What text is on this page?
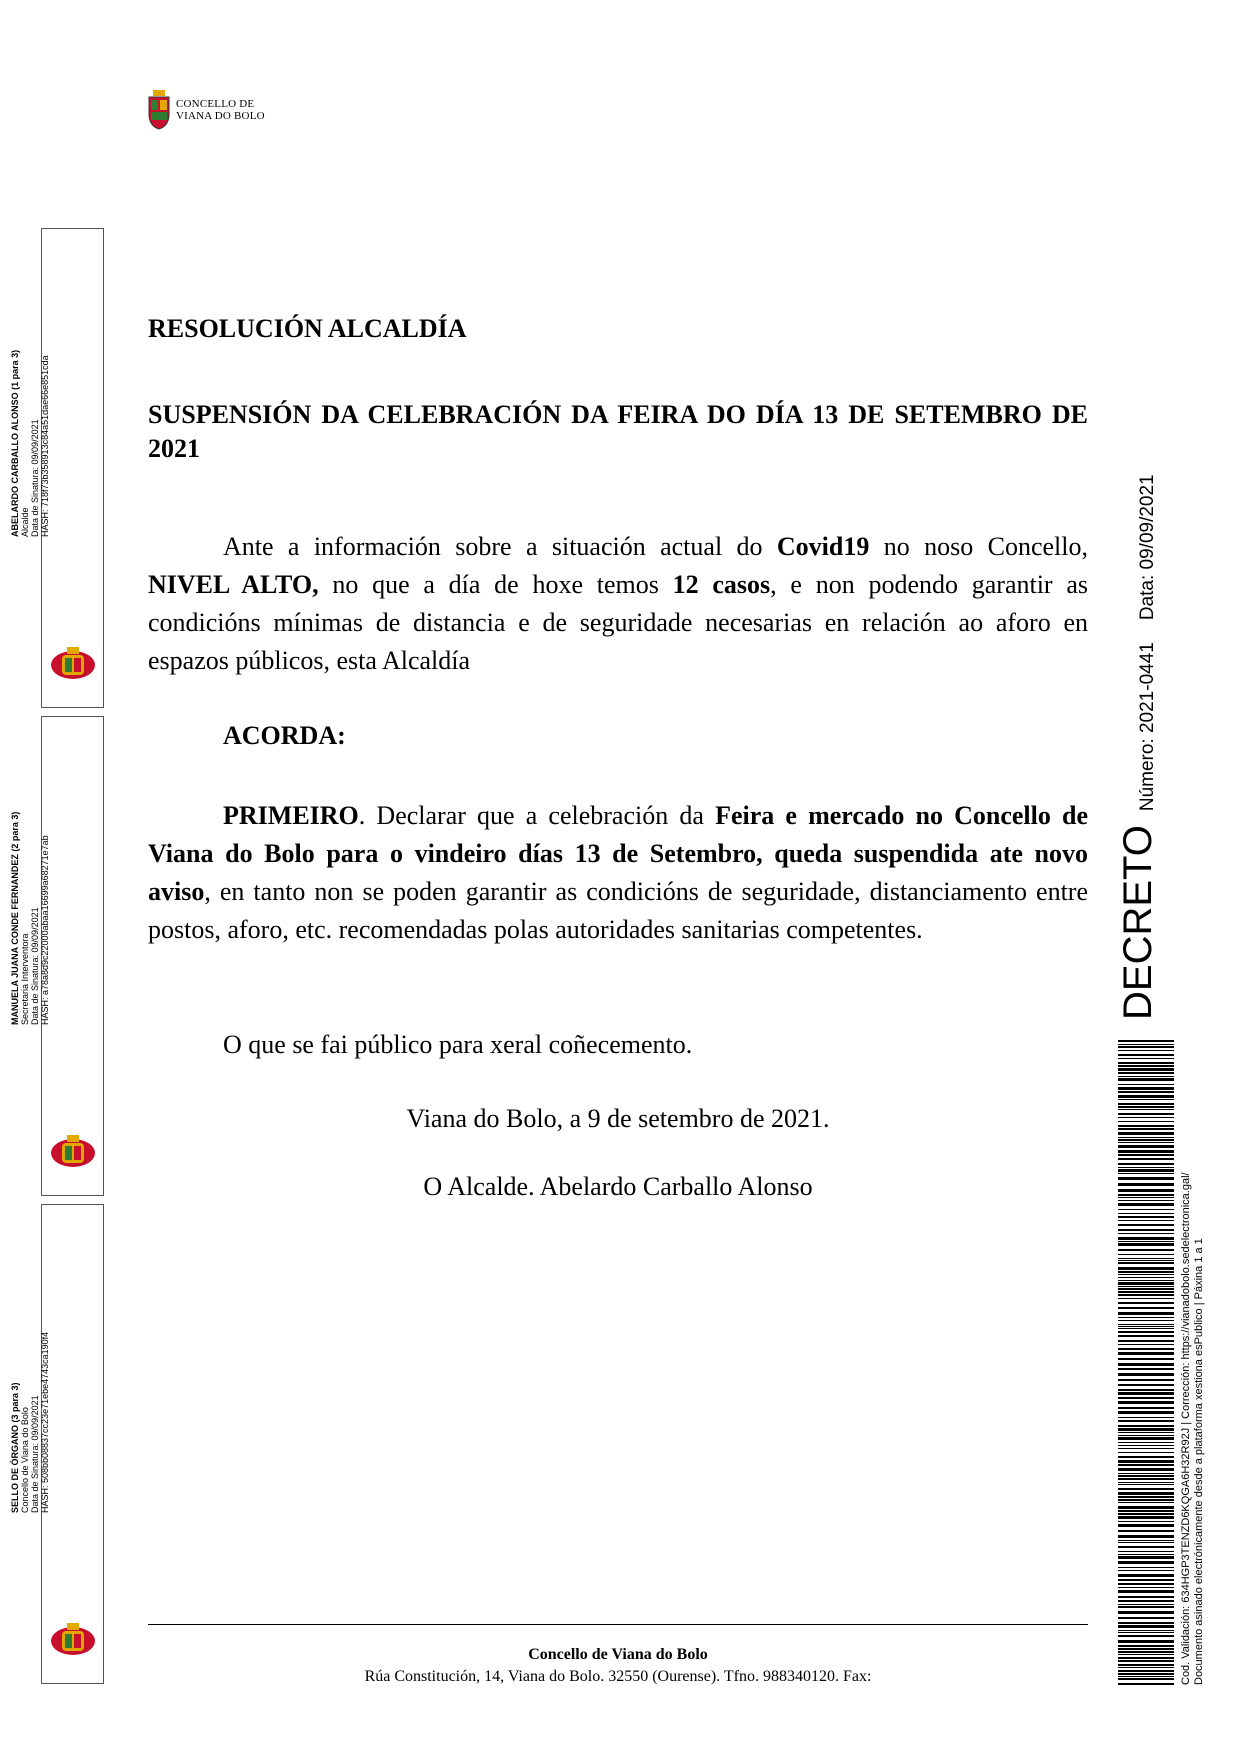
CONCELLO DE
VIANA DO BOLO
ABELARDO CARBALLO ALONSO (1 para 3) Alcalde Data de Sinatura: 09/09/2021 HASH: 718f73b358913c84a51dae66e851cda
MANUELA JUANA CONDE FERNANDEZ (2 para 3) Secretaria Interventora Data de Sinatura: 09/09/2021 HASH: a78a8d9c22000abaa16699a68271e7ab
SELLO DE ÓRGANO (3 para 3) Concello de Viana do Bolo Data de Sinatura: 09/09/2021 HASH: 508bb08837cc23e71ebe4743ca190f4
RESOLUCIÓN ALCALDÍA
SUSPENSIÓN DA CELEBRACIÓN DA FEIRA DO DÍA 13 DE SETEMBRO DE 2021

Ante a información sobre a situación actual do Covid19 no noso Concello, NIVEL ALTO, no que a día de hoxe temos 12 casos, e non podendo garantir as condicións mínimas de distancia e de seguridade necesarias en relación ao aforo en espazos públicos, esta Alcaldía

ACORDA:

PRIMEIRO. Declarar que a celebración da Feira e mercado no Concello de Viana do Bolo para o vindeiro días 13 de Setembro, queda suspendida ate novo aviso, en tanto non se poden garantir as condicións de seguridade, distanciamento entre postos, aforo, etc. recomendadas polas autoridades sanitarias competentes.

O que se fai público para xeral coñecemento.
Viana do Bolo, a 9 de setembro de 2021.
O Alcalde. Abelardo Carballo Alonso
Concello de Viana do Bolo
Rúa Constitución, 14, Viana do Bolo. 32550 (Ourense). Tfno. 988340120. Fax:
DECRETO
Número: 2021-0441Data: 09/09/2021
Cod. Validación: 634HGP3TENZD6KQGA6H32R92J | Corrección: https://vianadobolo.sedelectronica.gal/ Documento asinado electrónicamente desde a plataforma xestiona esPublico | Páxina 1 a 1
